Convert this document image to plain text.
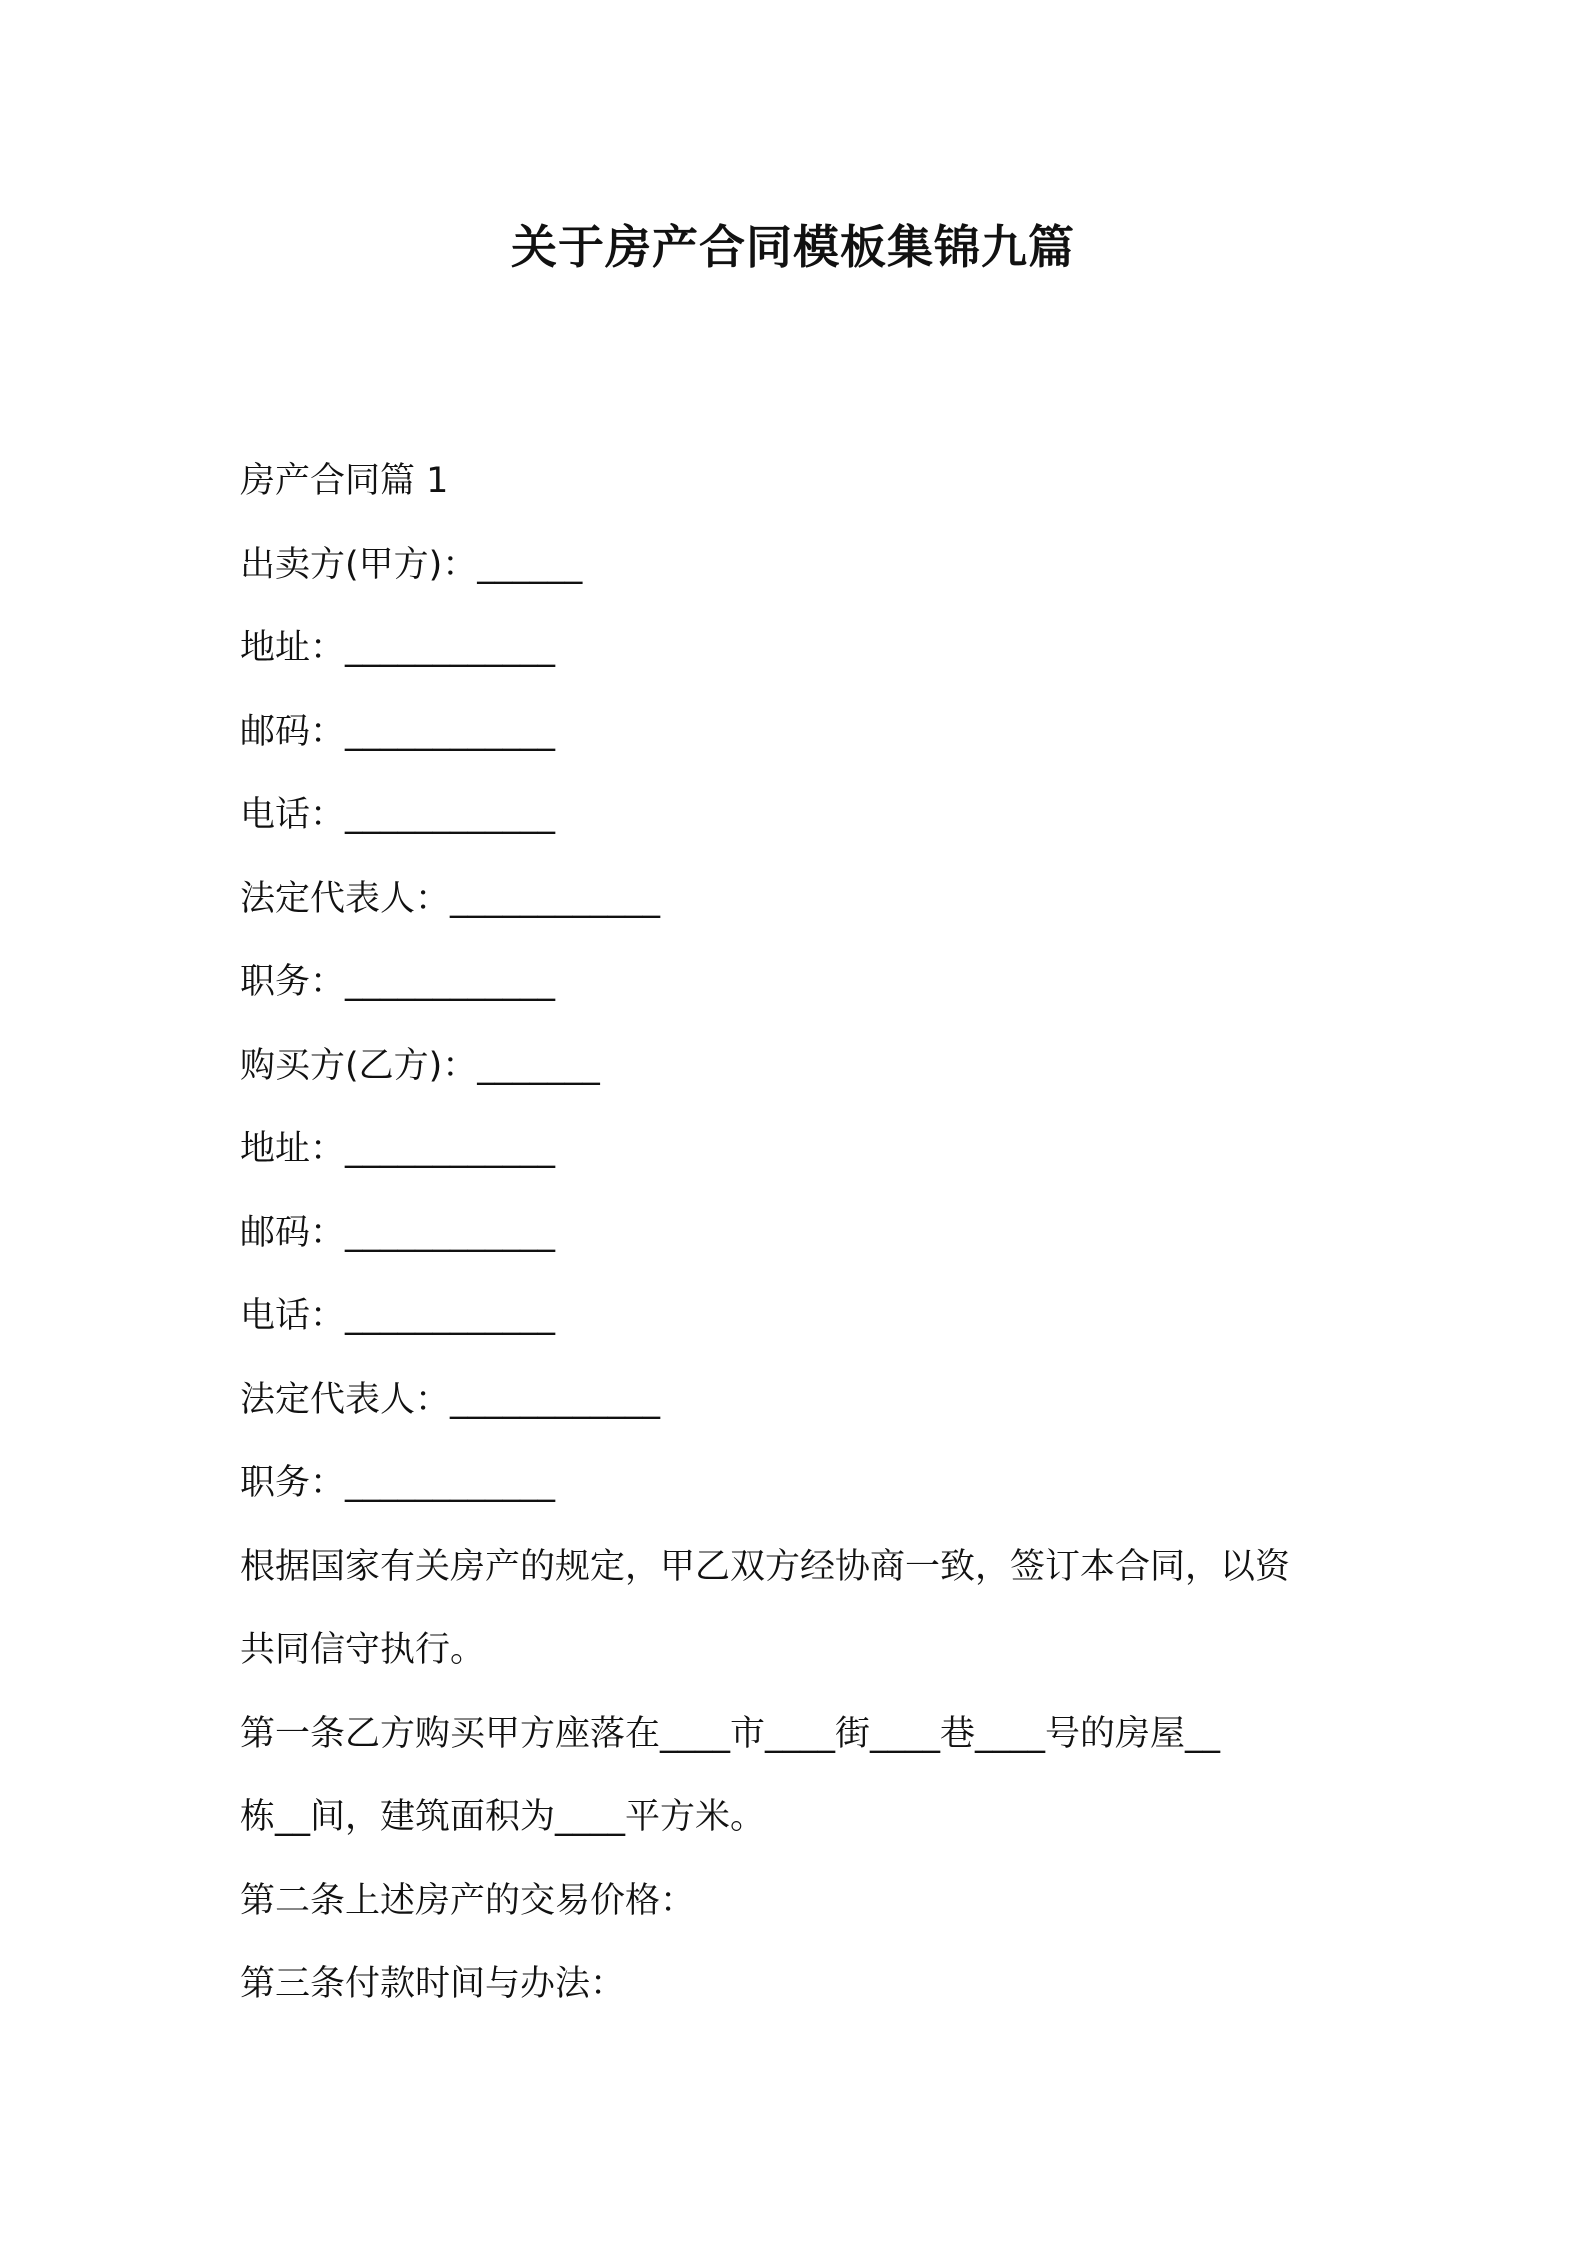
关于房产合同模板集锦九篇
房产合同篇 1
出卖方(甲方)：______
地址：____________
邮码：____________
电话：____________
法定代表人：____________
职务：____________
购买方(乙方)：_______
地址：____________
邮码：____________
电话：____________
法定代表人：____________
职务：____________
根据国家有关房产的规定，甲乙双方经协商一致，签订本合同，以资
共同信守执行。
第一条乙方购买甲方座落在____市____街____巷____号的房屋__
栋__间，建筑面积为____平方米。
第二条上述房产的交易价格：
第三条付款时间与办法：
